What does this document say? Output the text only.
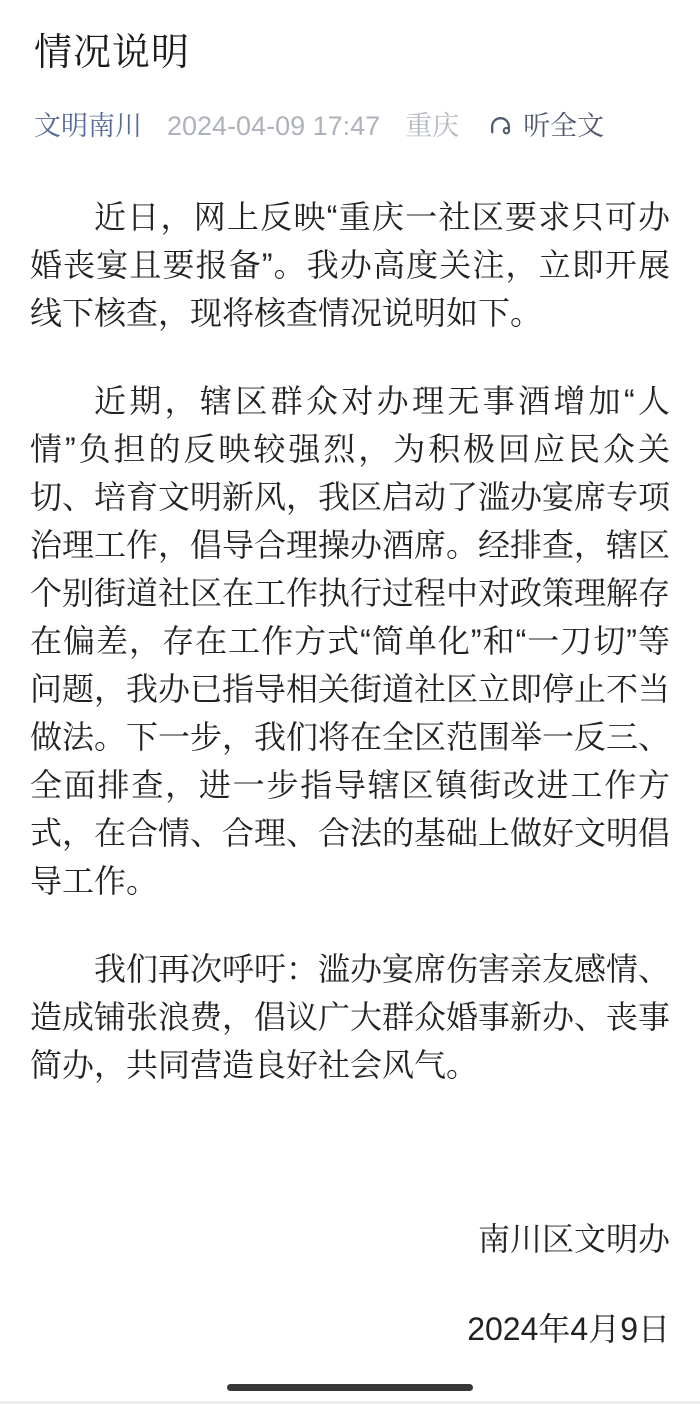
情况说明
文明南川 2024-04-09 17:47 重庆 听全文

近日，网上反映“重庆一社区要求只可办婚丧宴且要报备”。我办高度关注，立即开展线下核查，现将核查情况说明如下。

近期，辖区群众对办理无事酒增加“人情”负担的反映较强烈，为积极回应民众关切、培育文明新风，我区启动了滥办宴席专项治理工作，倡导合理操办酒席。经排查，辖区个别街道社区在工作执行过程中对政策理解存在偏差，存在工作方式“简单化”和“一刀切”等问题，我办已指导相关街道社区立即停止不当做法。下一步，我们将在全区范围举一反三、全面排查，进一步指导辖区镇街改进工作方式，在合情、合理、合法的基础上做好文明倡导工作。

我们再次呼吁：滥办宴席伤害亲友感情、造成铺张浪费，倡议广大群众婚事新办、丧事简办，共同营造良好社会风气。

南川区文明办

2024年4月9日
